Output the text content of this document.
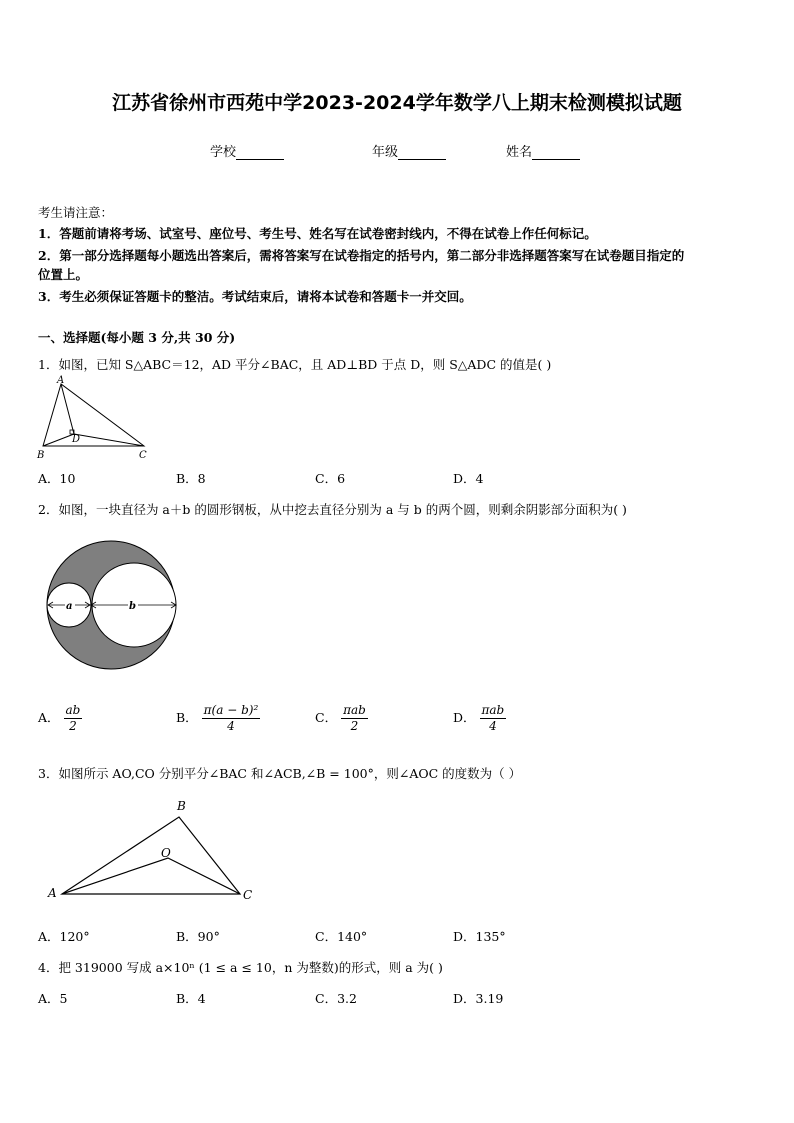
江苏省徐州市西苑中学2023-2024学年数学八上期末检测模拟试题
学校	年级	姓名
考生请注意：
1．答题前请将考场、试室号、座位号、考生号、姓名写在试卷密封线内，不得在试卷上作任何标记。
2．第一部分选择题每小题选出答案后，需将答案写在试卷指定的括号内，第二部分非选择题答案写在试卷题目指定的
位置上。
3．考生必须保证答题卡的整洁。考试结束后，请将本试卷和答题卡一并交回。
一、选择题(每小题 3 分,共 30 分)
1．如图，已知 S△ABC＝12，AD 平分∠BAC，且 AD⊥BD 于点 D，则 S△ADC 的值是( )
A
B	C
D
A．10	B．8	C．6	D．4
2．如图，一块直径为 a＋b 的圆形钢板，从中挖去直径分别为 a 与 b 的两个圆，则剩余阴影部分面积为( )
a	b
A． $\frac{ab}{2}$	B． $\frac{\text{π(a − b)²}}{4}$	C． $\frac{\text{πab}}{2}$	D． $\frac{\text{πab}}{4}$
3．如图所示 AO,CO 分别平分∠BAC 和∠ACB,∠B = 100°，则∠AOC 的度数为（ ）
B
A	C
O
A．120°	B．90°	C．140°	D．135°
4．把 319000 写成 a×10ⁿ (1 ≤ a ≤ 10，n 为整数)的形式，则 a 为( )
A．5	B．4	C．3.2	D．3.19
